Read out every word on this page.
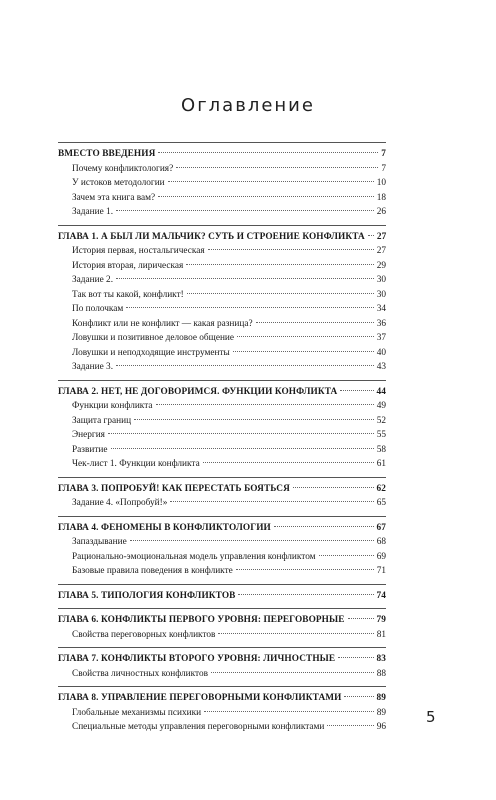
Оглавление
ВМЕСТО ВВЕДЕНИЯ	7
Почему конфликтология?	7
У истоков методологии	10
Зачем эта книга вам?	18
Задание 1.	26
ГЛАВА 1. А БЫЛ ЛИ МАЛЬЧИК? СУТЬ И СТРОЕНИЕ КОНФЛИКТА 27
История первая, ностальгическая	27
История вторая, лирическая	29
Задание 2.	30
Так вот ты какой, конфликт!	30
По полочкам	34
Конфликт или не конфликт — какая разница?	36
Ловушки и позитивное деловое общение	37
Ловушки и неподходящие инструменты	40
Задание 3.	43
ГЛАВА 2. НЕТ, НЕ ДОГОВОРИМСЯ. ФУНКЦИИ КОНФЛИКТА	44
Функции конфликта	49
Защита границ	52
Энергия	55
Развитие	58
Чек-лист 1. Функции конфликта	61
ГЛАВА 3. ПОПРОБУЙ! КАК ПЕРЕСТАТЬ БОЯТЬСЯ	62
Задание 4. «Попробуй!»	65
ГЛАВА 4. ФЕНОМЕНЫ В КОНФЛИКТОЛОГИИ	67
Запаздывание	68
Рационально-эмоциональная модель управления конфликтом	69
Базовые правила поведения в конфликте	71
ГЛАВА 5. ТИПОЛОГИЯ КОНФЛИКТОВ	74
ГЛАВА 6. КОНФЛИКТЫ ПЕРВОГО УРОВНЯ: ПЕРЕГОВОРНЫЕ	79
Свойства переговорных конфликтов	81
ГЛАВА 7. КОНФЛИКТЫ ВТОРОГО УРОВНЯ: ЛИЧНОСТНЫЕ	83
Свойства личностных конфликтов	88
ГЛАВА 8. УПРАВЛЕНИЕ ПЕРЕГОВОРНЫМИ КОНФЛИКТАМИ	89
Глобальные механизмы психики	89
Специальные методы управления переговорными конфликтами	96
5
